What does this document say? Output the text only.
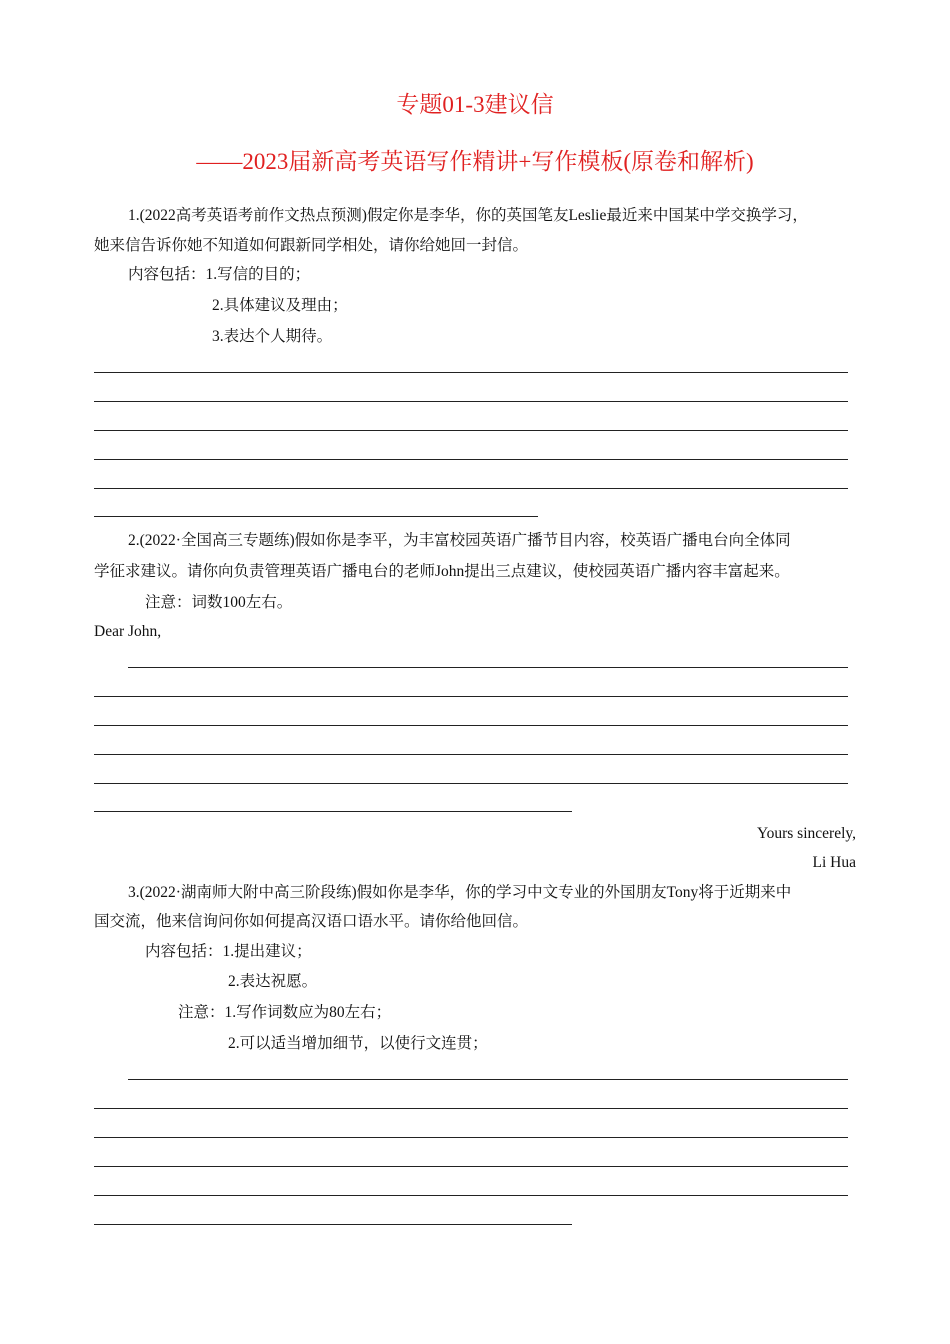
专题01-3建议信
——2023届新高考英语写作精讲+写作模板(原卷和解析)
1.(2022高考英语考前作文热点预测)假定你是李华，你的英国笔友Leslie最近来中国某中学交换学习，
她来信告诉你她不知道如何跟新同学相处，请你给她回一封信。
内容包括：1.写信的目的；
2.具体建议及理由；
3.表达个人期待。
2.(2022·全国高三专题练)假如你是李平，为丰富校园英语广播节目内容，校英语广播电台向全体同
学征求建议。请你向负责管理英语广播电台的老师John提出三点建议，使校园英语广播内容丰富起来。
注意：词数100左右。
Dear John,
Yours sincerely,
Li Hua
3.(2022·湖南师大附中高三阶段练)假如你是李华，你的学习中文专业的外国朋友Tony将于近期来中
国交流，他来信询问你如何提高汉语口语水平。请你给他回信。
内容包括：1.提出建议；
2.表达祝愿。
注意：1.写作词数应为80左右；
2.可以适当增加细节，以使行文连贯；
